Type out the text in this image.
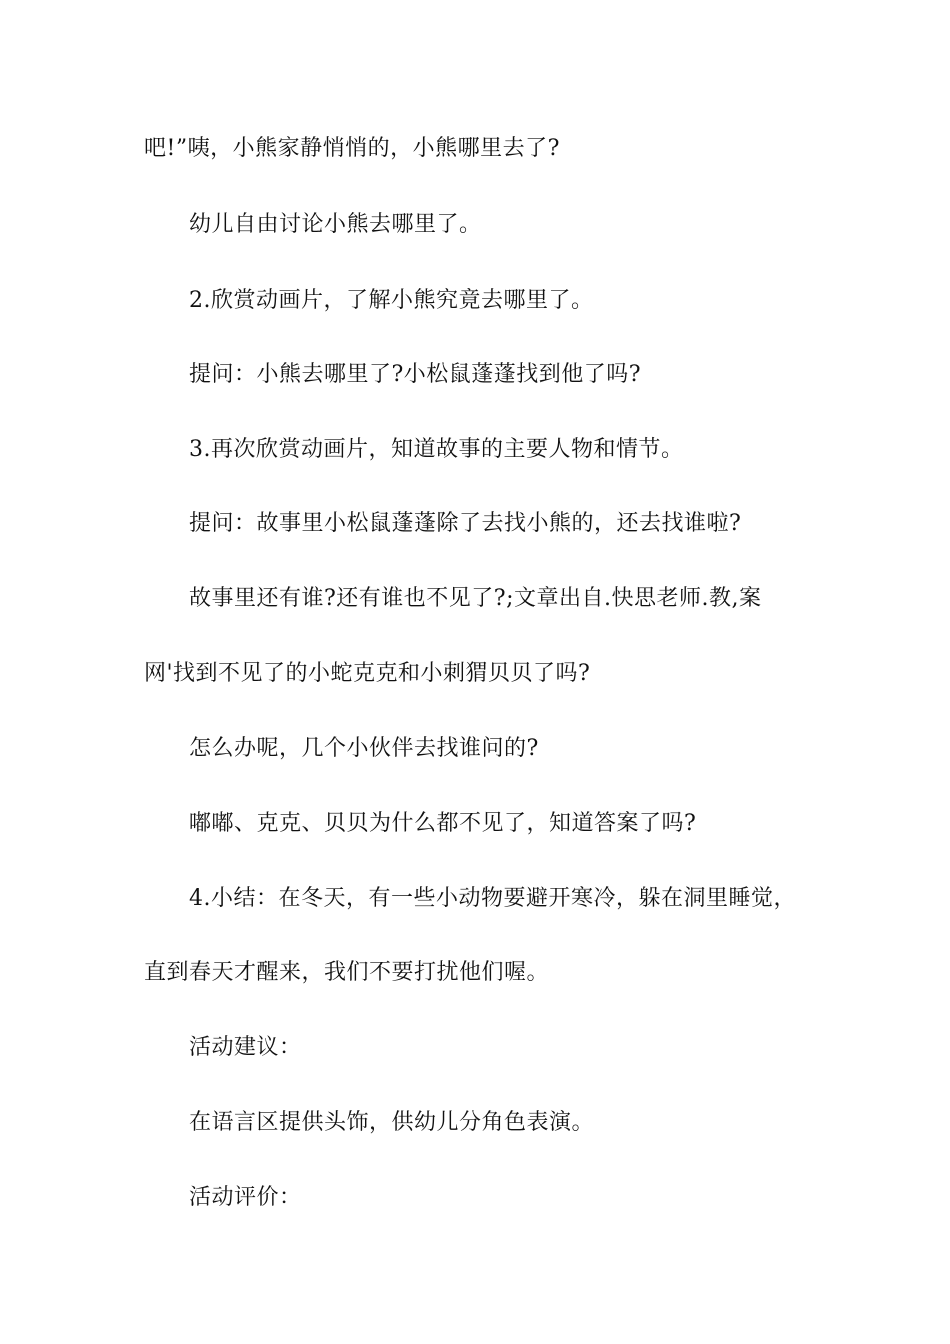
吧!”咦，小熊家静悄悄的，小熊哪里去了?
幼儿自由讨论小熊去哪里了。
2.欣赏动画片，了解小熊究竟去哪里了。
提问：小熊去哪里了?小松鼠蓬蓬找到他了吗?
3.再次欣赏动画片，知道故事的主要人物和情节。
提问：故事里小松鼠蓬蓬除了去找小熊的，还去找谁啦?
故事里还有谁?还有谁也不见了?;文章出自.快思老师.教,案
网'找到不见了的小蛇克克和小刺猬贝贝了吗?
怎么办呢，几个小伙伴去找谁问的?
嘟嘟、克克、贝贝为什么都不见了，知道答案了吗?
4.小结：在冬天，有一些小动物要避开寒冷，躲在洞里睡觉，
直到春天才醒来，我们不要打扰他们喔。
活动建议：
在语言区提供头饰，供幼儿分角色表演。
活动评价：
